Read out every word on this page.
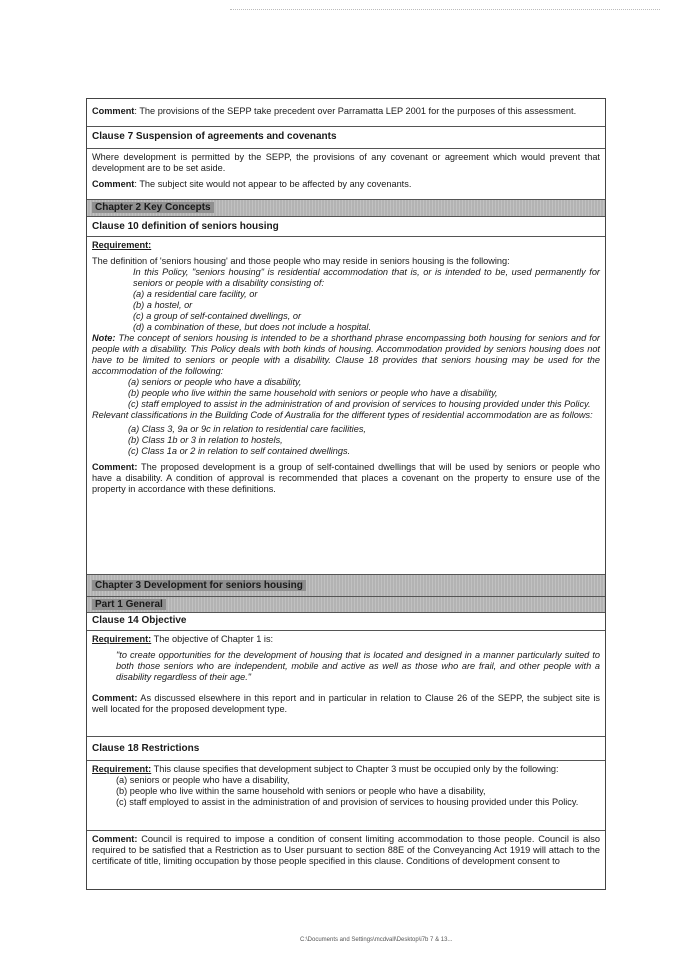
Comment: The provisions of the SEPP take precedent over Parramatta LEP 2001 for the purposes of this assessment.

Clause 7 Suspension of agreements and covenants

Where development is permitted by the SEPP, the provisions of any covenant or agreement which would prevent that development are to be set aside.

Comment: The subject site would not appear to be affected by any covenants.

Chapter 2 Key Concepts
Clause 10 definition of seniors housing

Requirement:

The definition of 'seniors housing' and those people who may reside in seniors housing is the following:

In this Policy, "seniors housing" is residential accommodation that is, or is intended to be, used permanently for seniors or people with a disability consisting of:

(a) a residential care facility, or

(b) a hostel, or

(c) a group of self-contained dwellings, or

(d) a combination of these, but does not include a hospital.

Note: The concept of seniors housing is intended to be a shorthand phrase encompassing both housing for seniors and for people with a disability. This Policy deals with both kinds of housing. Accommodation provided by seniors housing does not have to be limited to seniors or people with a disability. Clause 18 provides that seniors housing may be used for the accommodation of the following:

(a) seniors or people who have a disability,

(b) people who live within the same household with seniors or people who have a disability,

(c) staff employed to assist in the administration of and provision of services to housing provided under this Policy.

Relevant classifications in the Building Code of Australia for the different types of residential accommodation are as follows:

(a) Class 3, 9a or 9c in relation to residential care facilities,

(b) Class 1b or 3 in relation to hostels,

(c) Class 1a or 2 in relation to self contained dwellings.

Comment: The proposed development is a group of self-contained dwellings that will be used by seniors or people who have a disability. A condition of approval is recommended that places a covenant on the property to ensure use of the property in accordance with these definitions.

Chapter 3 Development for seniors housing
Part 1 General
Clause 14 Objective

Requirement: The objective of Chapter 1 is:

"to create opportunities for the development of housing that is located and designed in a manner particularly suited to both those seniors who are independent, mobile and active as well as those who are frail, and other people with a disability regardless of their age."

Comment: As discussed elsewhere in this report and in particular in relation to Clause 26 of the SEPP, the subject site is well located for the proposed development type.

Clause 18 Restrictions

Requirement: This clause specifies that development subject to Chapter 3 must be occupied only by the following:

(a) seniors or people who have a disability,

(b) people who live within the same household with seniors or people who have a disability,

(c) staff employed to assist in the administration of and provision of services to housing provided under this Policy.

Comment: Council is required to impose a condition of consent limiting accommodation to those people. Council is also required to be satisfied that a Restriction as to User pursuant to section 88E of the Conveyancing Act 1919 will attach to the certificate of title, limiting occupation by those people specified in this clause. Conditions of development consent to

C:\Documents and Settings\mcdvall\Desktop\i7b 7 & 13...
